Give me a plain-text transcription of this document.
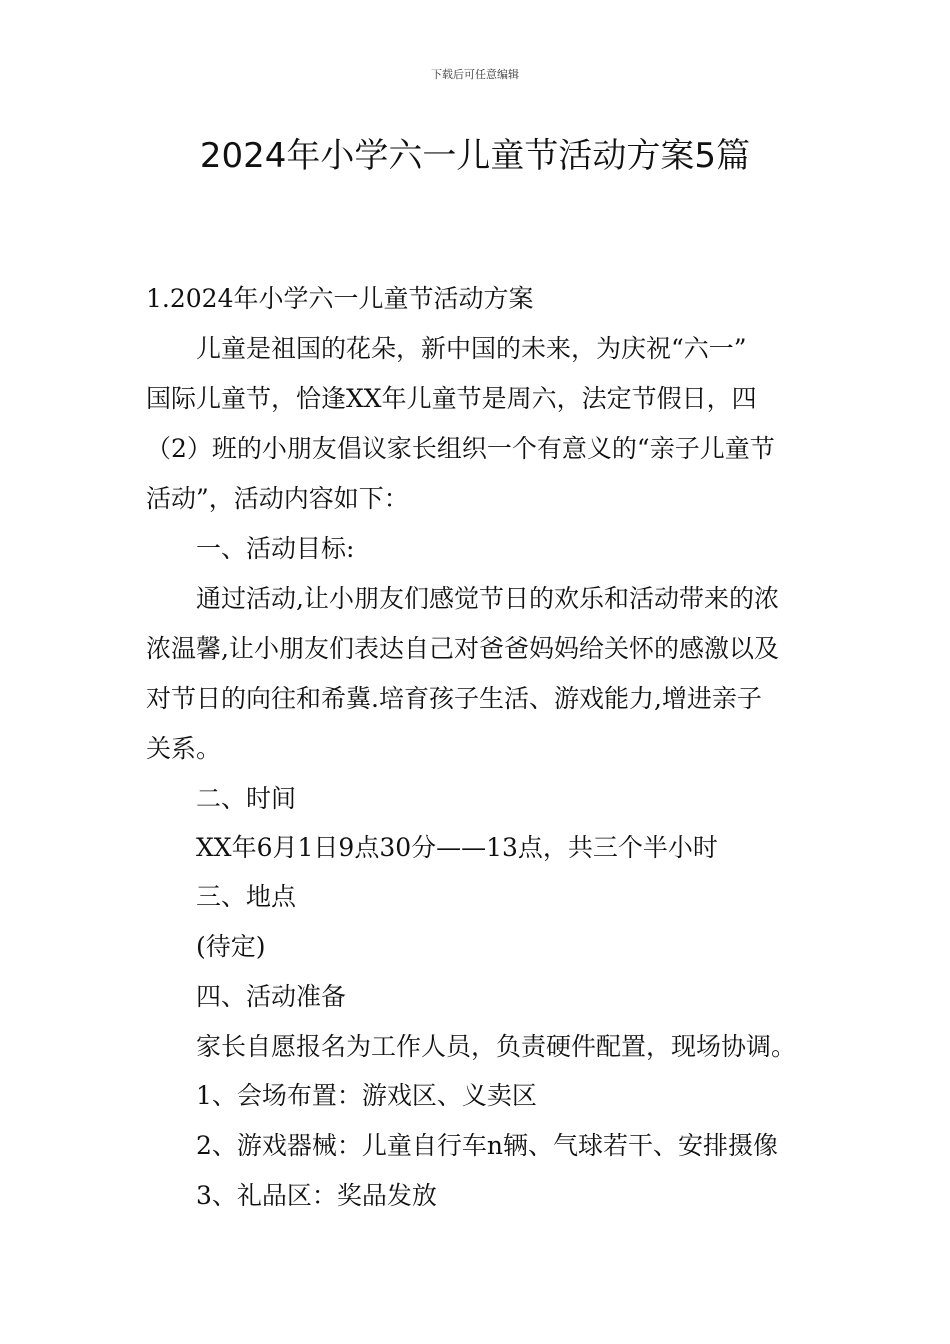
下载后可任意编辑
2024年小学六一儿童节活动方案5篇
1.2024年小学六一儿童节活动方案
儿童是祖国的花朵，新中国的未来，为庆祝“六一”
国际儿童节，恰逢XX年儿童节是周六，法定节假日，四
（2）班的小朋友倡议家长组织一个有意义的“亲子儿童节
活动”，活动内容如下：
一、活动目标:
通过活动,让小朋友们感觉节日的欢乐和活动带来的浓
浓温馨,让小朋友们表达自己对爸爸妈妈给关怀的感激以及
对节日的向往和希冀.培育孩子生活、游戏能力,增进亲子
关系。
二、时间
XX年6月1日9点30分——13点，共三个半小时
三、地点
(待定)
四、活动准备
家长自愿报名为工作人员，负责硬件配置，现场协调。
1、会场布置：游戏区、义卖区
2、游戏器械：儿童自行车n辆、气球若干、安排摄像
3、礼品区：奖品发放
